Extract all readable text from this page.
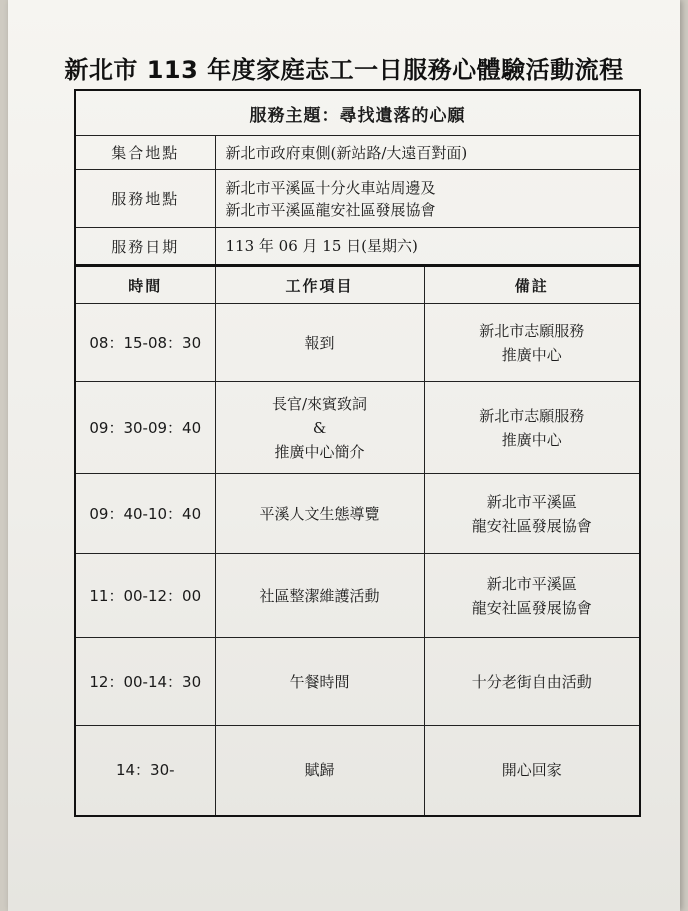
新北市 113 年度家庭志工一日服務心體驗活動流程
服務主題：尋找遺落的心願		
集合地點	新北市政府東側(新站路/大遠百對面)	
服務地點	新北市平溪區十分火車站周邊及
新北市平溪區龍安社區發展協會	
服務日期	113 年 06 月 15 日(星期六)	
時間	工作項目	備註
08：15-08：30	報到	新北市志願服務
推廣中心
09：30-09：40	長官/來賓致詞
&
推廣中心簡介	新北市志願服務
推廣中心
09：40-10：40	平溪人文生態導覽	新北市平溪區
龍安社區發展協會
11：00-12：00	社區整潔維護活動	新北市平溪區
龍安社區發展協會
12：00-14：30	午餐時間	十分老街自由活動
14：30-	賦歸	開心回家
